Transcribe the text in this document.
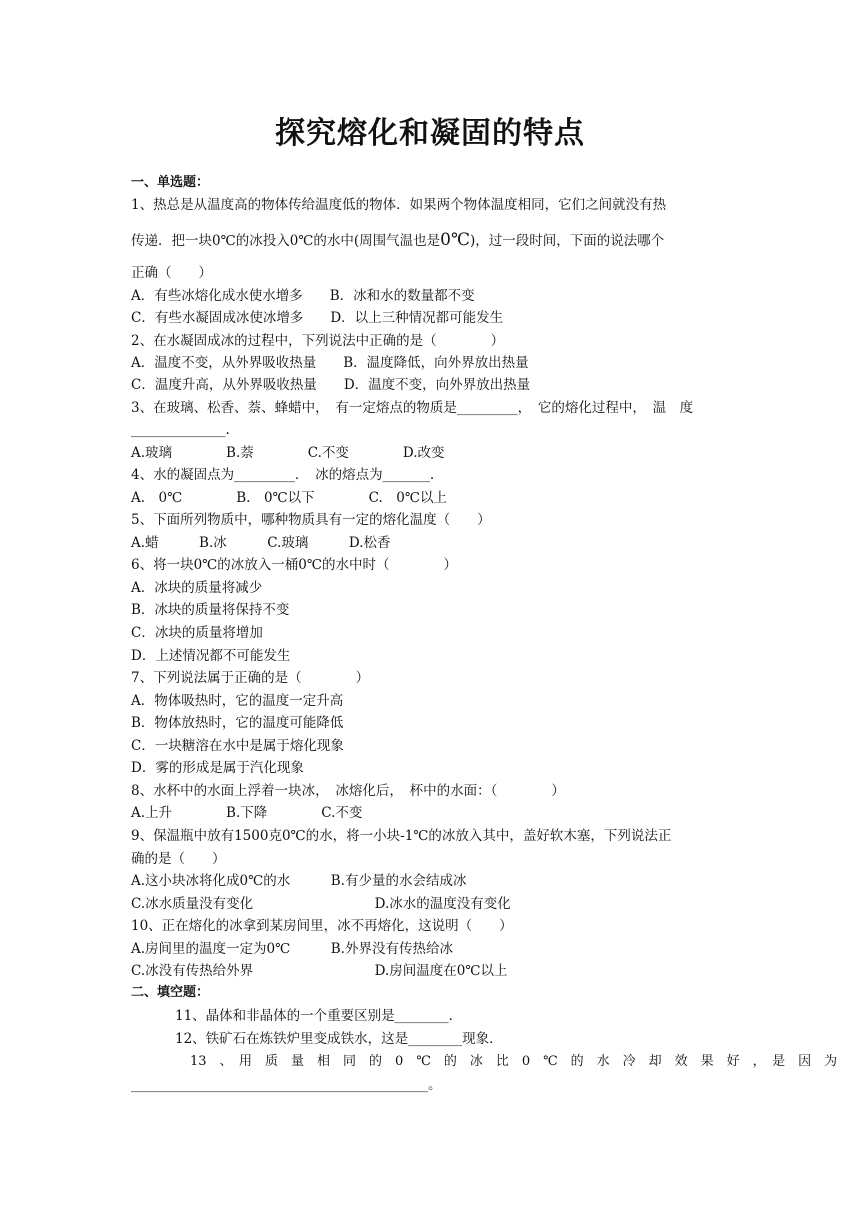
探究熔化和凝固的特点
一、单选题：
1、热总是从温度高的物体传给温度低的物体．如果两个物体温度相同，它们之间就没有热
传递．把一块0℃的冰投入0℃的水中(周围气温也是0℃)，过一段时间，下面的说法哪个
正确（　　）
A．有些冰熔化成水使水增多　　B．冰和水的数量都不变
C．有些水凝固成冰使冰增多　　D．以上三种情况都可能发生
2、在水凝固成冰的过程中，下列说法中正确的是（　　　　）
A．温度不变，从外界吸收热量　　B．温度降低，向外界放出热量
C．温度升高，从外界吸收热量　　D．温度不变，向外界放出热量
3、在玻璃、松香、萘、蜂蜡中，　有一定熔点的物质是_________，　它的熔化过程中，　温　度
______________.
A.玻璃　　　　B.萘　　　　C.不变　　　　D.改变
4、水的凝固点为_________．　冰的熔点为_______.
A.　0℃　　　　B.　0℃以下　　　　C.　0℃以上
5、下面所列物质中，哪种物质具有一定的熔化温度（　　）
A.蜡　　　B.冰　　　C.玻璃　　　D.松香
6、将一块0℃的冰放入一桶0℃的水中时（　　　　）
A．冰块的质量将减少
B．冰块的质量将保持不变
C．冰块的质量将增加
D．上述情况都不可能发生
7、下列说法属于正确的是（　　　　）
A．物体吸热时，它的温度一定升高
B．物体放热时，它的温度可能降低
C．一块糖溶在水中是属于熔化现象
D．雾的形成是属于汽化现象
8、水杯中的水面上浮着一块冰，　冰熔化后，　杯中的水面：（　　　　）
A.上升　　　　B.下降　　　　C.不变
9、保温瓶中放有1500克0℃的水，将一小块-1℃的冰放入其中，盖好软木塞，下列说法正
确的是（　　）
A.这小块冰将化成0℃的水　　　B.有少量的水会结成冰
C.冰水质量没有变化　　　　　　　　　D.冰水的温度没有变化
10、正在熔化的冰拿到某房间里，冰不再熔化，这说明（　　）
A.房间里的温度一定为0℃　　　B.外界没有传热给冰
C.冰没有传热给外界　　　　　　　　　D.房间温度在0℃以上
二、填空题：
11、晶体和非晶体的一个重要区别是________．
12、铁矿石在炼铁炉里变成铁水，这是________现象．
13　、　用　质　量　相　同　的　0　℃　的　冰　比　0　℃　的　水　冷　却　效　果　好　，　是　因　为
____________________________________________。
